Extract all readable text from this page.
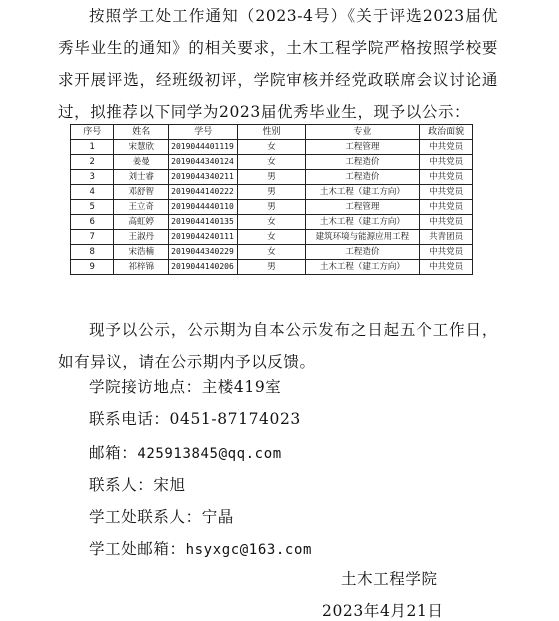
按照学工处工作通知（2023-4号）《关于评选2023届优秀毕业生的通知》的相关要求，土木工程学院严格按照学校要求开展评选，经班级初评，学院审核并经党政联席会议讨论通过，拟推荐以下同学为2023届优秀毕业生，现予以公示：

序号	姓名	学号	性别	专业	政治面貌
1	宋慧欣	2019044401119	女	工程管理	中共党员
2	姜曼	2019044340124	女	工程造价	中共党员
3	刘士睿	2019044340211	男	工程造价	中共党员
4	邓舒智	2019044140222	男	土木工程（建工方向）	中共党员
5	王立奇	2019044440110	男	工程管理	中共党员
6	高虹婷	2019044140135	女	土木工程（建工方向）	中共党员
7	王淑丹	2019044240111	女	建筑环境与能源应用工程	共青团员
8	宋浩楠	2019044340229	女	工程造价	中共党员
9	祁梓锦	2019044140206	男	土木工程（建工方向）	中共党员

现予以公示，公示期为自本公示发布之日起五个工作日，如有异议，请在公示期内予以反馈。

学院接访地点：主楼419室

联系电话：0451-87174023

邮箱：425913845@qq.com

联系人：宋旭

学工处联系人：宁晶

学工处邮箱：hsyxgc@163.com

土木工程学院

2023年4月21日
